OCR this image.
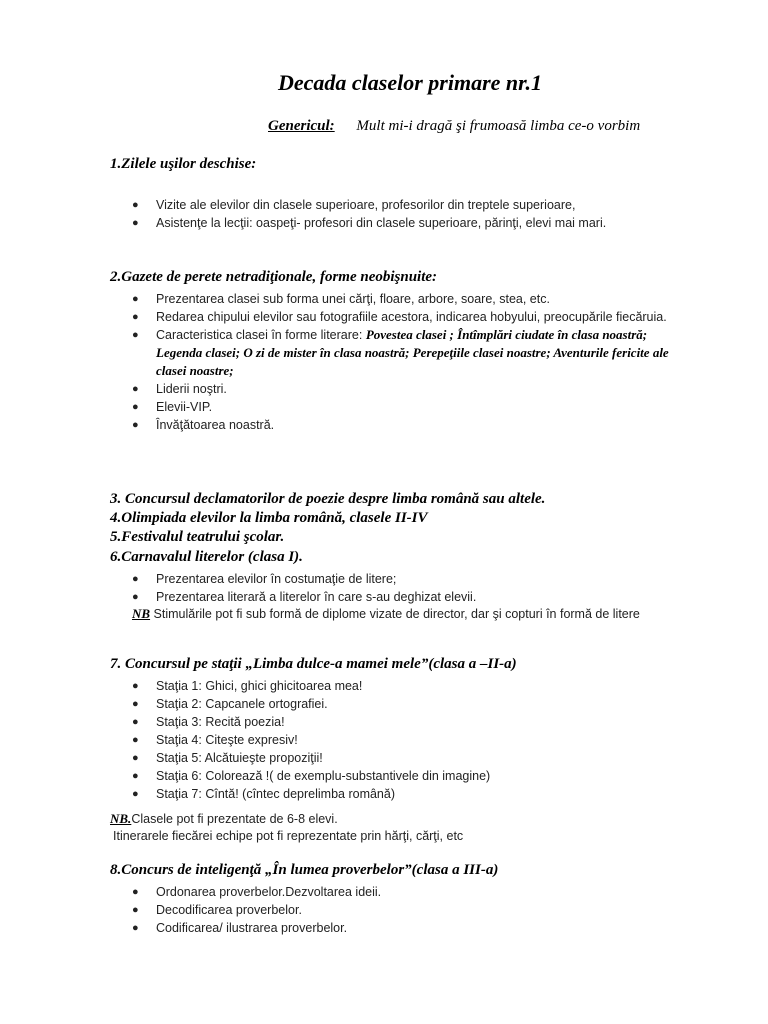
Decada claselor primare nr.1
Genericul: Mult mi-i dragă şi frumoasă limba ce-o vorbim
1.Zilele uşilor deschise:
● Vizite ale elevilor din clasele superioare, profesorilor din treptele superioare,
● Asistenţe la lecţii: oaspeţi- profesori din clasele superioare, părinţi, elevi mai mari.
2.Gazete de perete netradiţionale, forme neobişnuite:
● Prezentarea clasei sub forma unei cărţi, floare, arbore, soare, stea, etc.
● Redarea chipului elevilor sau fotografiile acestora, indicarea hobyului, preocupările fiecăruia.
● Caracteristica clasei în forme literare: Povestea clasei ; Întîmplări ciudate în clasa noastră; Legenda clasei; O zi de mister în clasa noastră; Perepeţiile clasei noastre; Aventurile fericite ale clasei noastre;
● Liderii noştri.
● Elevii-VIP.
● Învăţătoarea noastră.
3. Concursul declamatorilor de poezie despre limba română sau altele.
4.Olimpiada elevilor la limba română, clasele II-IV
5.Festivalul teatrului şcolar.
6.Carnavalul literelor (clasa I).
● Prezentarea elevilor în costumaţie de litere;
● Prezentarea literară a literelor în care s-au deghizat elevii.
NB Stimulările pot fi sub formă de diplome vizate de director, dar şi copturi în formă de litere
7. Concursul pe staţii „Limba dulce-a mamei mele”(clasa a –II-a)
● Staţia 1: Ghici, ghici ghicitoarea mea!
● Staţia 2: Capcanele ortografiei.
● Staţia 3: Recită poezia!
● Staţia 4: Citeşte expresiv!
● Staţia 5: Alcătuieşte propoziţii!
● Staţia 6: Colorează !( de exemplu-substantivele din imagine)
● Staţia 7: Cîntă! (cîntec deprelimba română)
NB.Clasele pot fi prezentate de 6-8 elevi.
Itinerarele fiecărei echipe pot fi reprezentate prin hărţi, cărţi, etc
8.Concurs de inteligenţă „În lumea proverbelor”(clasa a III-a)
● Ordonarea proverbelor.Dezvoltarea ideii.
● Decodificarea proverbelor.
● Codificarea/ ilustrarea proverbelor.
